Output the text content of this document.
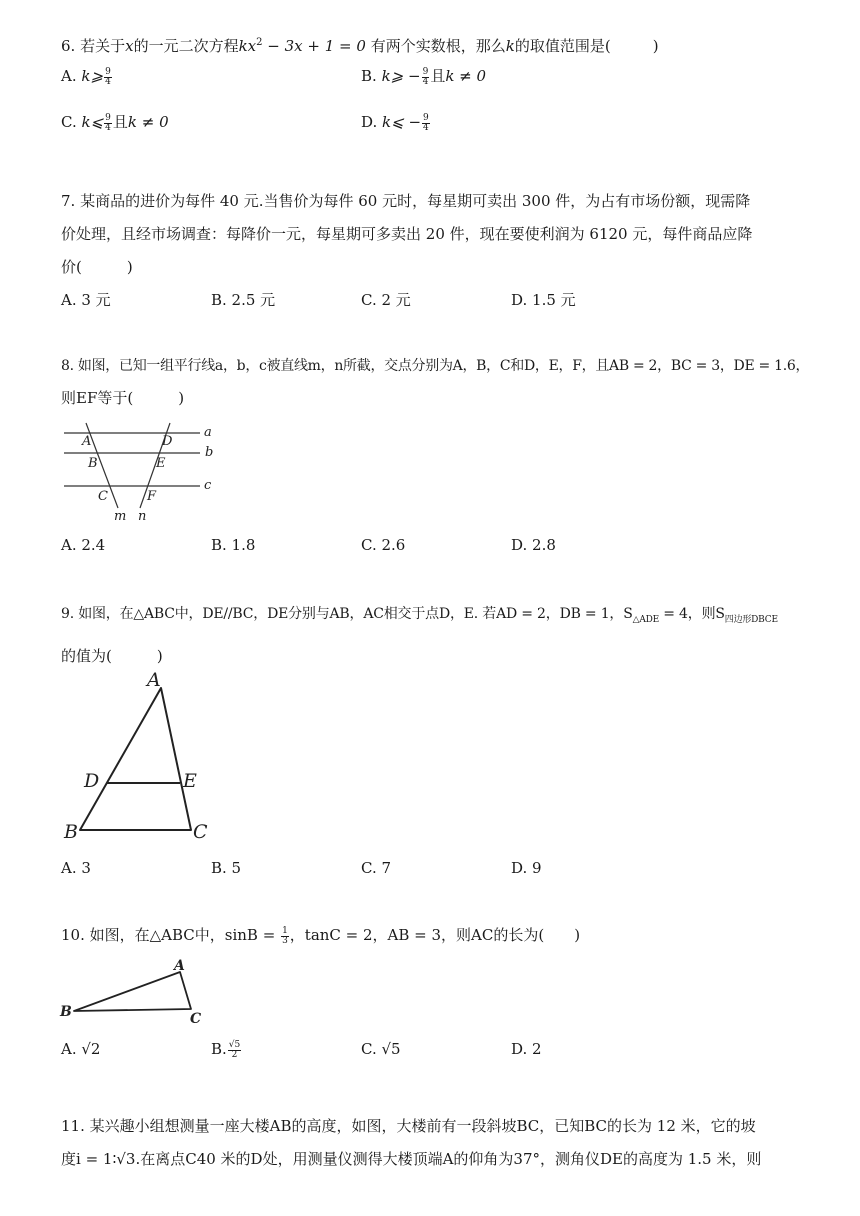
6. 若关于x的一元二次方程$kx^2 - 3x + 1 = 0$ 有两个实数根，那么k的取值范围是(	)
A. k⩾ $\frac{9}{4}$	B. k⩾ − $\frac{9}{4}$ 且k ≠ 0
C. k⩽ $\frac{9}{4}$ 且k ≠ 0	D. k⩽ − $\frac{9}{4}$
7. 某商品的进价为每件 40 元.当售价为每件 60 元时，每星期可卖出 300 件，为占有市场份额，现需降
价处理，且经市场调查：每降价一元，每星期可多卖出 20 件，现在要使利润为 6120 元，每件商品应降
价(　　　)
A. 3 元	B. 2.5 元	C. 2 元	D. 1.5 元
8. 如图，已知一组平行线a，b，c被直线m，n所截，交点分别为A，B，C和D，E，F，且AB = 2，BC = 3，DE = 1.6，
则EF等于(　　　)
A
B
C
D
E
F
a
b
c
m n
A. 2.4	B. 1.8	C. 2.6	D. 2.8
9. 如图，在△ABC中，DE//BC，DE分别与AB，AC相交于点D，E. 若AD = 2，DB = 1，$S_{\triangle ADE} = 4$，则$S_{四边形DBCE}$
的值为(　　　)
A
B	C
D	E
A. 3	B. 5	C. 7	D. 9
10. 如图，在△ABC中，$\sin B = \frac{1}{3}$ ，tanC = 2，AB = 3，则AC的长为(　　)
A
B	C
A. √2	B. $\frac{√5}{2}$	C. √5	D. 2
11. 某兴趣小组想测量一座大楼AB的高度，如图，大楼前有一段斜坡BC，已知BC的长为 12 米，它的坡
度i = 1∶√3.在离点C40 米的D处，用测量仪测得大楼顶端A的仰角为37°，测角仪DE的高度为 1.5 米，则
